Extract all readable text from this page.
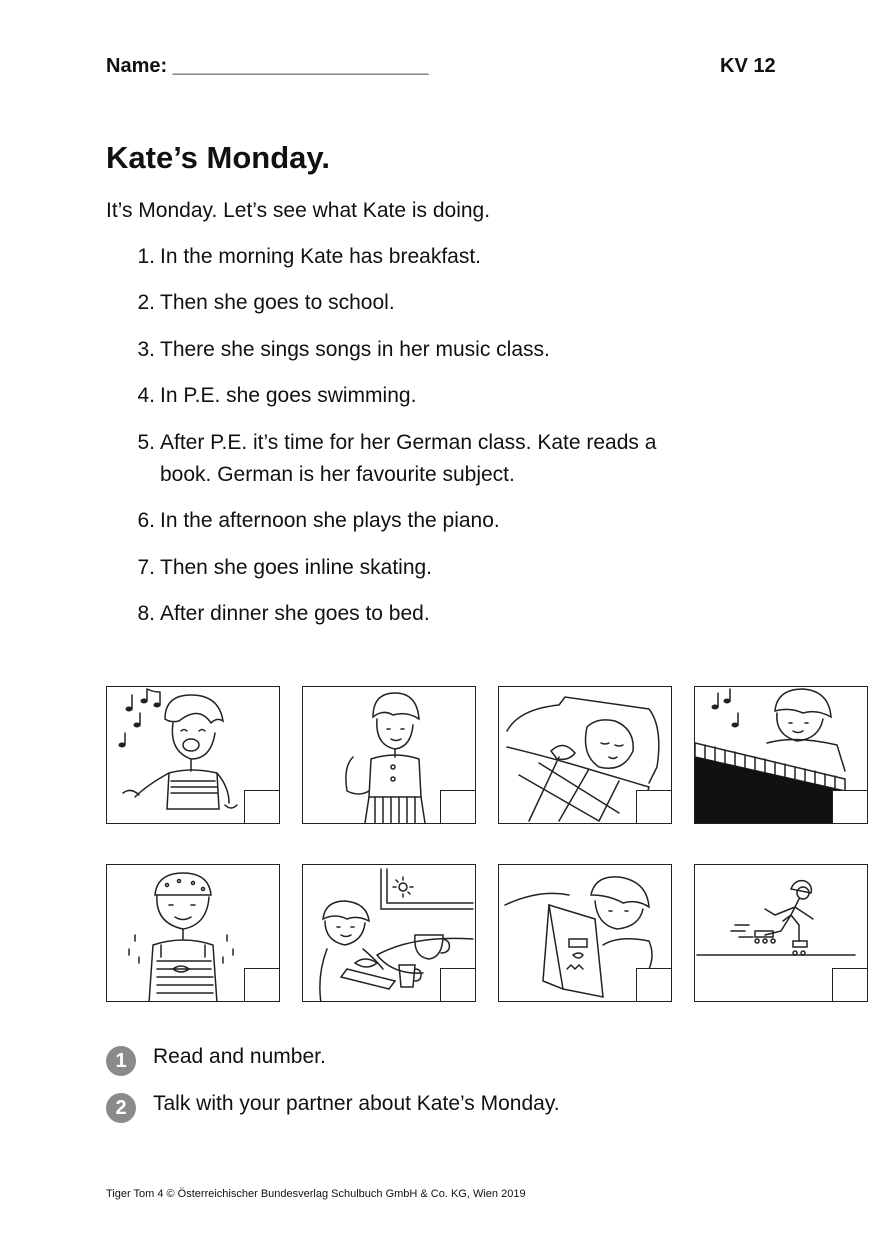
Name: _______________________	KV 12
Kate’s Monday.
It’s Monday. Let’s see what Kate is doing.
1. In the morning Kate has breakfast.
2. Then she goes to school.
3. There she sings songs in her music class.
4. In P.E. she goes swimming.
5. After P.E. it’s time for her German class. Kate reads a
book. German is her favourite subject.
6. In the afternoon she plays the piano.
7. Then she goes inline skating.
8. After dinner she goes to bed.
1	Read and number.
2	Talk with your partner about Kate’s Monday.
Tiger Tom 4 © Österreichischer Bundesverlag Schulbuch GmbH & Co. KG, Wien 2019
